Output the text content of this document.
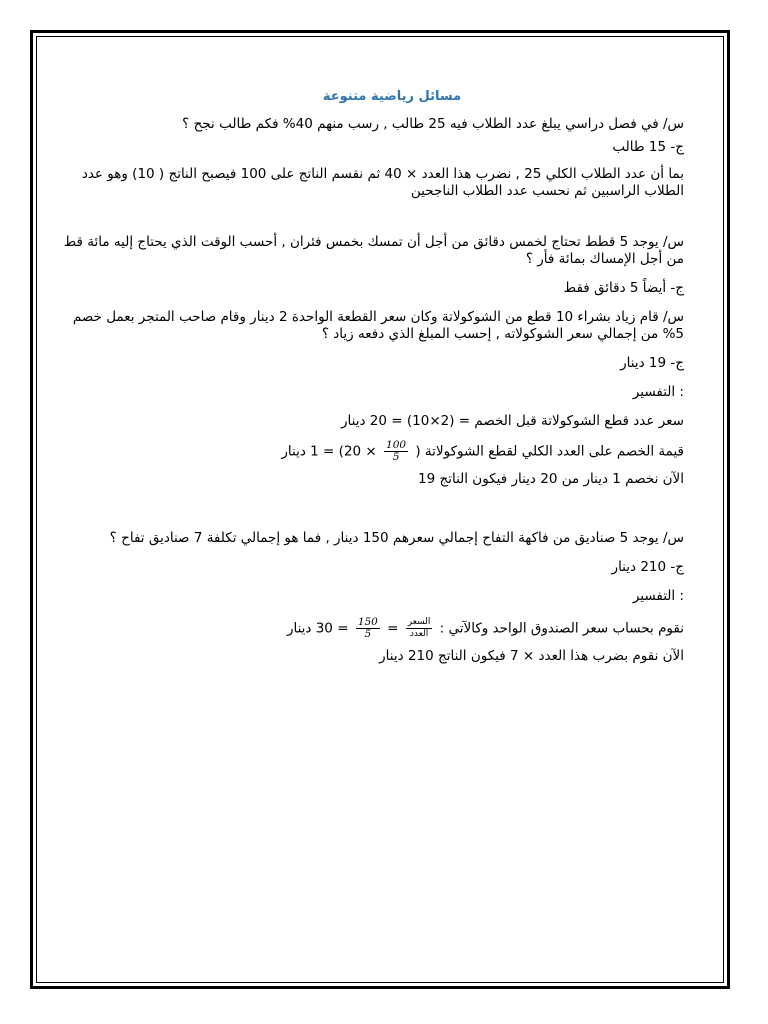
مسائل رياضية متنوعة
س/ في فصل دراسي يبلغ عدد الطلاب فيه 25 طالب , رسب منهم 40% فكم طالب نجح ؟
ج- 15 طالب
بما أن عدد الطلاب الكلي 25 , نضرب هذا العدد × 40 ثم نقسم الناتج على 100 فيصبح الناتج ( 10) وهو عدد الطلاب الراسبين ثم نحسب عدد الطلاب الناجحين
س/ يوجد 5 قطط تحتاج لخمس دقائق من أجل أن تمسك بخمس فئران , أحسب الوقت الذي يحتاج إليه مائة قط من أجل الإمساك بمائة فأر ؟
ج- أيضاً 5 دقائق فقط
س/ قام زياد بشراء 10 قطع من الشوكولاتة وكان سعر القطعة الواحدة 2 دينار وقام صاحب المتجر بعمل خصم 5% من إجمالي سعر الشوكولاته , إحسب المبلغ الذي دفعه زياد ؟
ج- 19 دينار
: التفسير
سعر عدد قطع الشوكولاتة قبل الخصم = (2×10) = 20 دينار
قيمة الخصم على العدد الكلي لقطع الشوكولاتة (
$\frac{100}{5}$
× 20) = 1 دينار
الآن نخصم 1 دينار من 20 دينار فيكون الناتج 19
س/ يوجد 5 صناديق من فاكهة التفاح إجمالي سعرهم 150 دينار , فما هو إجمالي تكلفة 7 صناديق تفاح ؟
ج- 210 دينار
: التفسير
نقوم بحساب سعر الصندوق الواحد وكالآتي :
$\frac{\text{السعر}}{\text{العدد}}$
=
$\frac{150}{5}$
= 30 دينار
الآن نقوم بضرب هذا العدد × 7 فيكون الناتج 210 دينار
